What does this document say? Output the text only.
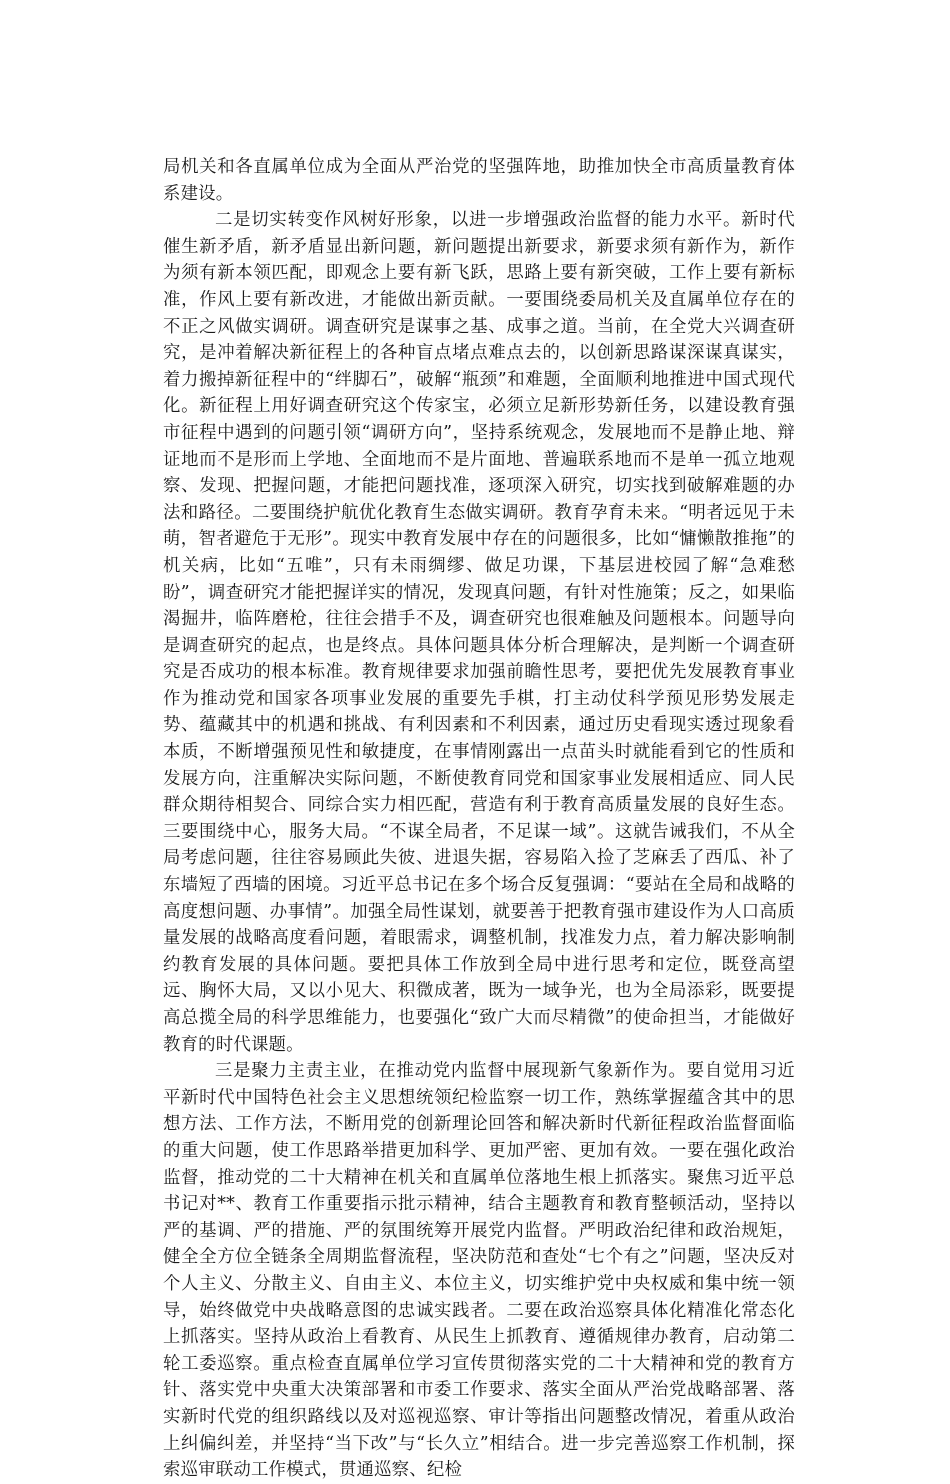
局机关和各直属单位成为全面从严治党的坚强阵地，助推加快全市高质量教育体系建设。

二是切实转变作风树好形象，以进一步增强政治监督的能力水平。新时代催生新矛盾，新矛盾显出新问题，新问题提出新要求，新要求须有新作为，新作为须有新本领匹配，即观念上要有新飞跃，思路上要有新突破，工作上要有新标准，作风上要有新改进，才能做出新贡献。一要围绕委局机关及直属单位存在的不正之风做实调研。调查研究是谋事之基、成事之道。当前，在全党大兴调查研究，是冲着解决新征程上的各种盲点堵点难点去的，以创新思路谋深谋真谋实，着力搬掉新征程中的“绊脚石”，破解“瓶颈”和难题，全面顺利地推进中国式现代化。新征程上用好调查研究这个传家宝，必须立足新形势新任务，以建设教育强市征程中遇到的问题引领“调研方向”，坚持系统观念，发展地而不是静止地、辩证地而不是形而上学地、全面地而不是片面地、普遍联系地而不是单一孤立地观察、发现、把握问题，才能把问题找准，逐项深入研究，切实找到破解难题的办法和路径。二要围绕护航优化教育生态做实调研。教育孕育未来。“明者远见于未萌，智者避危于无形”。现实中教育发展中存在的问题很多，比如“慵懒散推拖”的机关病，比如“五唯”，只有未雨绸缪、做足功课，下基层进校园了解“急难愁盼”，调查研究才能把握详实的情况，发现真问题，有针对性施策；反之，如果临渴掘井，临阵磨枪，往往会措手不及，调查研究也很难触及问题根本。问题导向是调查研究的起点，也是终点。具体问题具体分析合理解决，是判断一个调查研究是否成功的根本标准。教育规律要求加强前瞻性思考，要把优先发展教育事业作为推动党和国家各项事业发展的重要先手棋，打主动仗科学预见形势发展走势、蕴藏其中的机遇和挑战、有利因素和不利因素，通过历史看现实透过现象看本质，不断增强预见性和敏捷度，在事情刚露出一点苗头时就能看到它的性质和发展方向，注重解决实际问题，不断使教育同党和国家事业发展相适应、同人民群众期待相契合、同综合实力相匹配，营造有利于教育高质量发展的良好生态。三要围绕中心，服务大局。“不谋全局者，不足谋一域”。这就告诫我们，不从全局考虑问题，往往容易顾此失彼、进退失据，容易陷入捡了芝麻丢了西瓜、补了东墙短了西墙的困境。习近平总书记在多个场合反复强调：“要站在全局和战略的高度想问题、办事情”。加强全局性谋划，就要善于把教育强市建设作为人口高质量发展的战略高度看问题，着眼需求，调整机制，找准发力点，着力解决影响制约教育发展的具体问题。要把具体工作放到全局中进行思考和定位，既登高望远、胸怀大局，又以小见大、积微成著，既为一域争光，也为全局添彩，既要提高总揽全局的科学思维能力，也要强化“致广大而尽精微”的使命担当，才能做好教育的时代课题。

三是聚力主责主业，在推动党内监督中展现新气象新作为。要自觉用习近平新时代中国特色社会主义思想统领纪检监察一切工作，熟练掌握蕴含其中的思想方法、工作方法，不断用党的创新理论回答和解决新时代新征程政治监督面临的重大问题，使工作思路举措更加科学、更加严密、更加有效。一要在强化政治监督，推动党的二十大精神在机关和直属单位落地生根上抓落实。聚焦习近平总书记对**、教育工作重要指示批示精神，结合主题教育和教育整顿活动，坚持以严的基调、严的措施、严的氛围统筹开展党内监督。严明政治纪律和政治规矩，健全全方位全链条全周期监督流程，坚决防范和查处“七个有之”问题，坚决反对个人主义、分散主义、自由主义、本位主义，切实维护党中央权威和集中统一领导，始终做党中央战略意图的忠诚实践者。二要在政治巡察具体化精准化常态化上抓落实。坚持从政治上看教育、从民生上抓教育、遵循规律办教育，启动第二轮工委巡察。重点检查直属单位学习宣传贯彻落实党的二十大精神和党的教育方针、落实党中央重大决策部署和市委工作要求、落实全面从严治党战略部署、落实新时代党的组织路线以及对巡视巡察、审计等指出问题整改情况，着重从政治上纠偏纠差，并坚持“当下改”与“长久立”相结合。进一步完善巡察工作机制，探索巡审联动工作模式，贯通巡察、纪检
